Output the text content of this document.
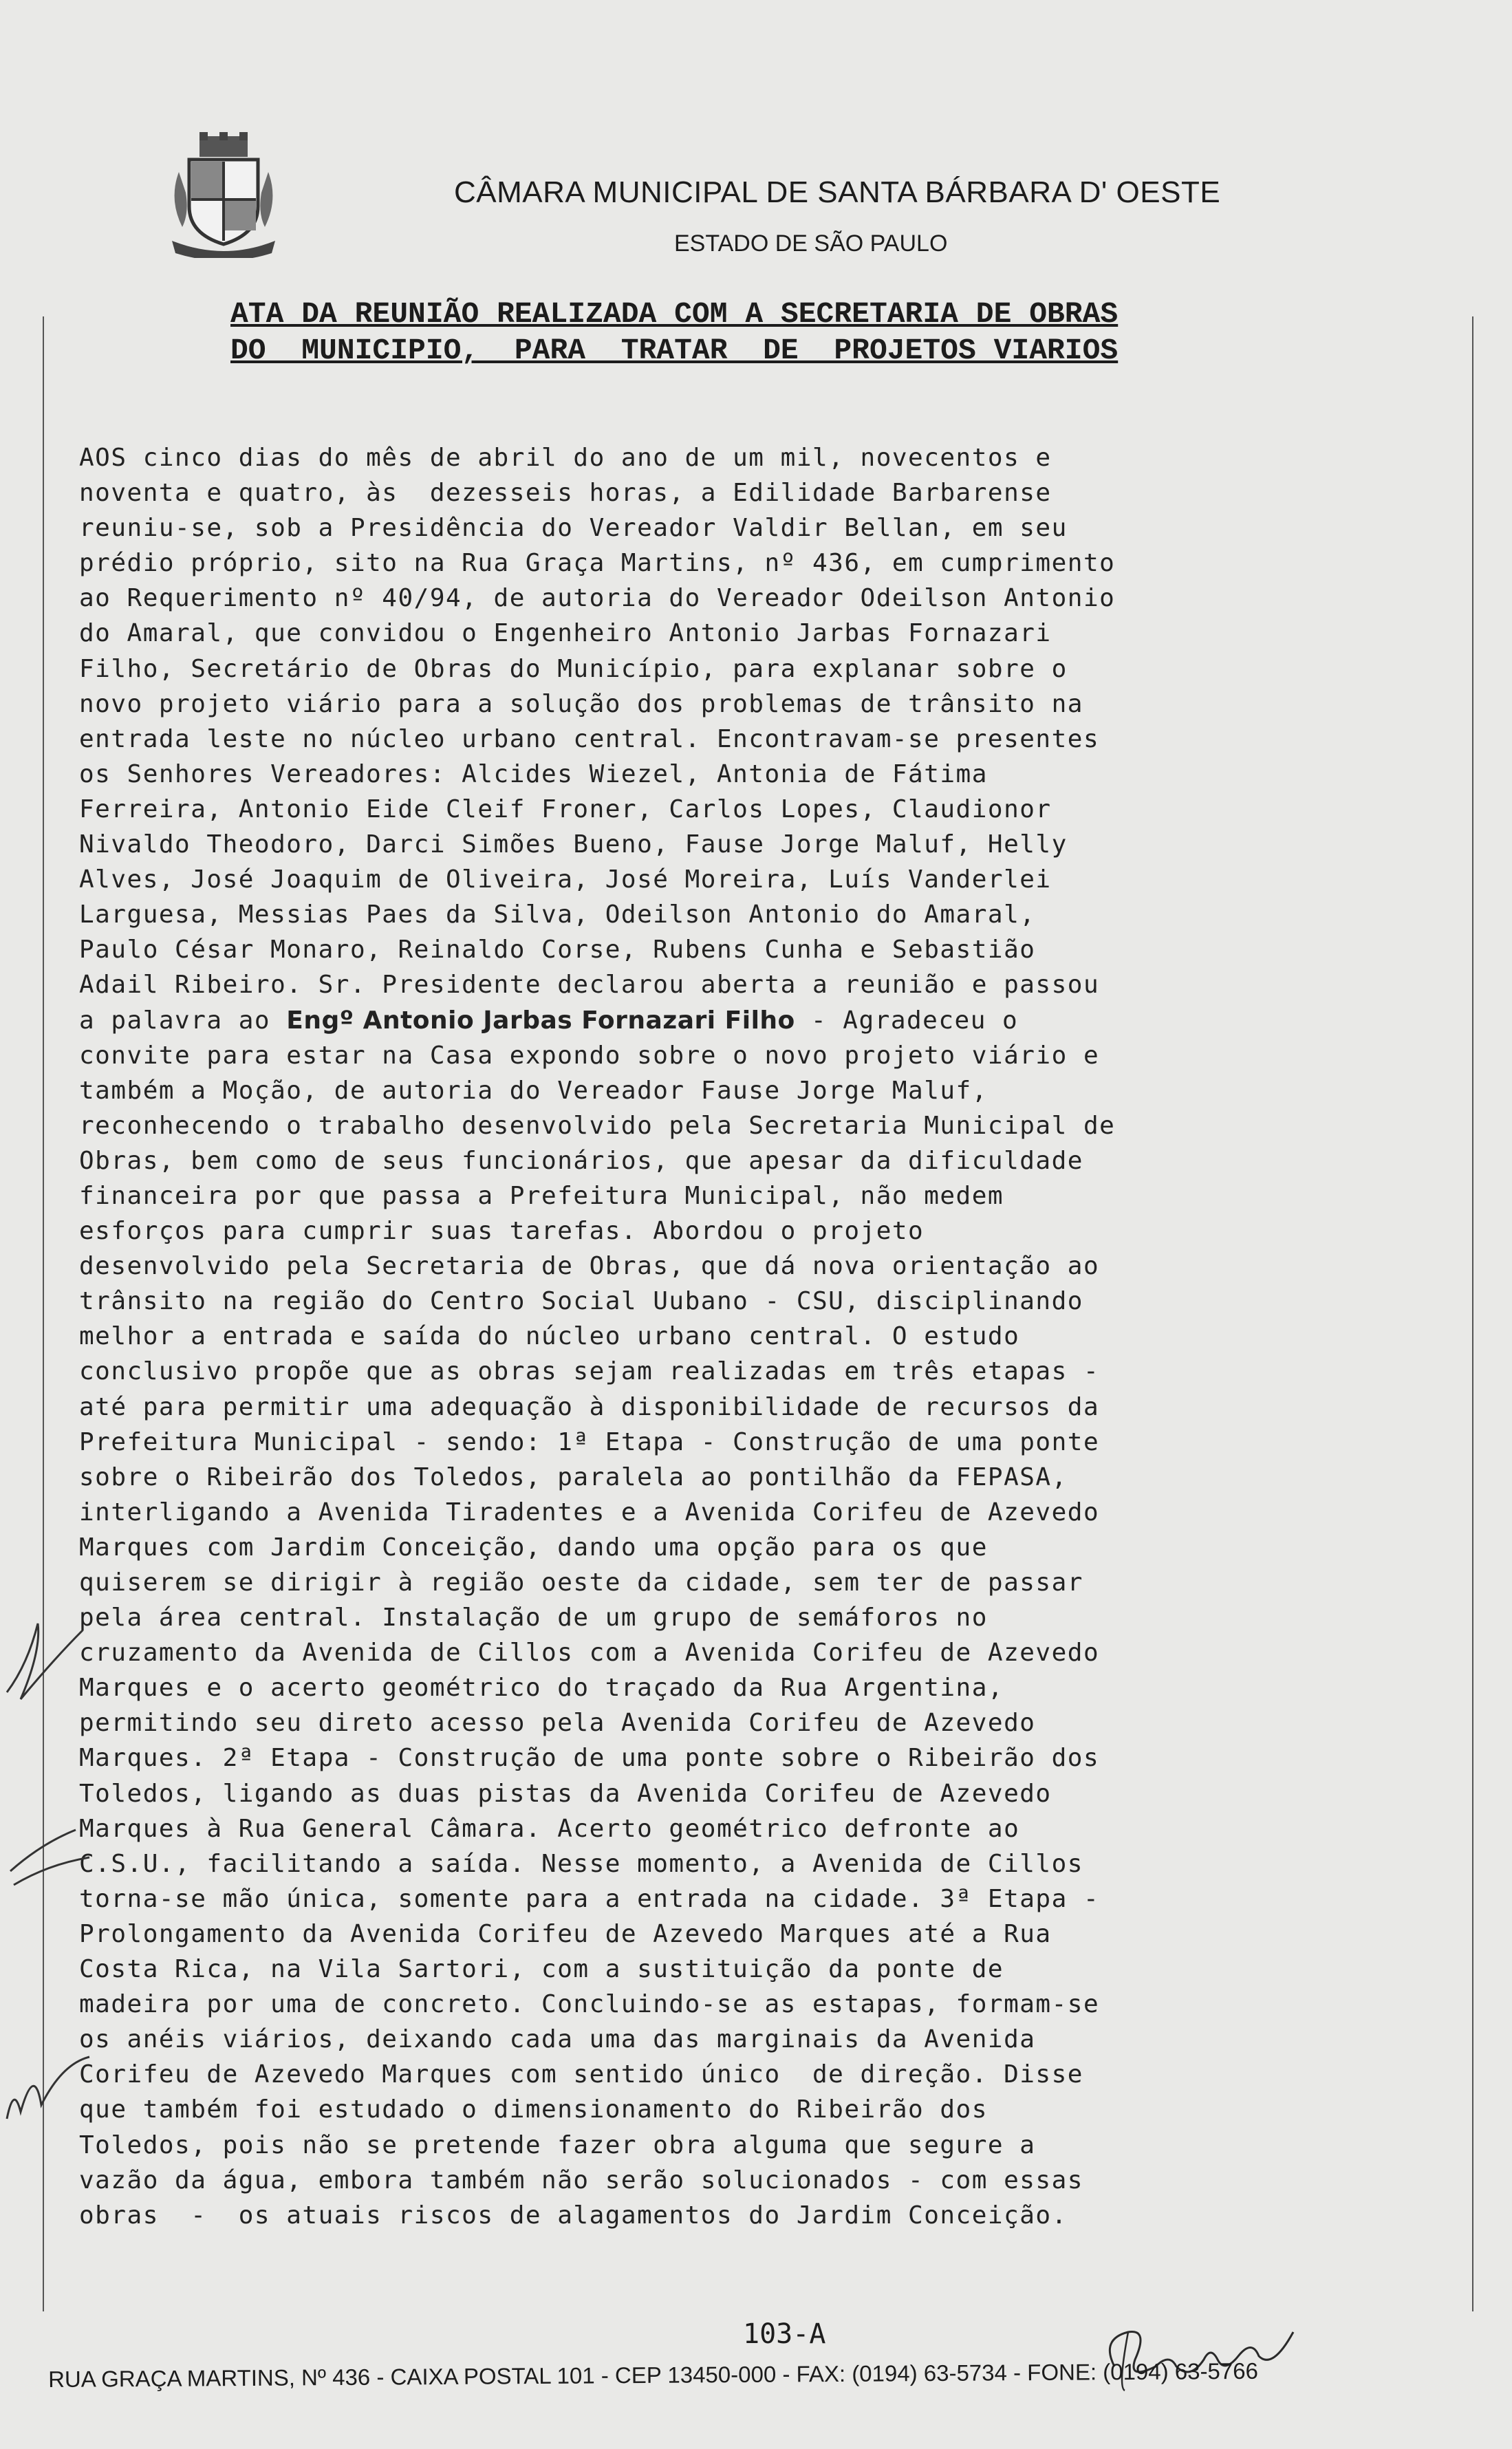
CÂMARA MUNICIPAL DE SANTA BÁRBARA D' OESTE
ESTADO DE SÃO PAULO
ATA DA REUNIÃO REALIZADA COM A SECRETARIA DE OBRAS
DO  MUNICIPIO,  PARA  TRATAR  DE  PROJETOS VIARIOS
AOS cinco dias do mês de abril do ano de um mil, novecentos e
noventa e quatro, às  dezesseis horas, a Edilidade Barbarense
reuniu-se, sob a Presidência do Vereador Valdir Bellan, em seu
prédio próprio, sito na Rua Graça Martins, nº 436, em cumprimento
ao Requerimento nº 40/94, de autoria do Vereador Odeilson Antonio
do Amaral, que convidou o Engenheiro Antonio Jarbas Fornazari
Filho, Secretário de Obras do Município, para explanar sobre o
novo projeto viário para a solução dos problemas de trânsito na
entrada leste no núcleo urbano central. Encontravam-se presentes
os Senhores Vereadores: Alcides Wiezel, Antonia de Fátima
Ferreira, Antonio Eide Cleif Froner, Carlos Lopes, Claudionor
Nivaldo Theodoro, Darci Simões Bueno, Fause Jorge Maluf, Helly
Alves, José Joaquim de Oliveira, José Moreira, Luís Vanderlei
Larguesa, Messias Paes da Silva, Odeilson Antonio do Amaral,
Paulo César Monaro, Reinaldo Corse, Rubens Cunha e Sebastião
Adail Ribeiro. Sr. Presidente declarou aberta a reunião e passou
a palavra ao Engº Antonio Jarbas Fornazari Filho - Agradeceu o
convite para estar na Casa expondo sobre o novo projeto viário e
também a Moção, de autoria do Vereador Fause Jorge Maluf,
reconhecendo o trabalho desenvolvido pela Secretaria Municipal de
Obras, bem como de seus funcionários, que apesar da dificuldade
financeira por que passa a Prefeitura Municipal, não medem
esforços para cumprir suas tarefas. Abordou o projeto
desenvolvido pela Secretaria de Obras, que dá nova orientação ao
trânsito na região do Centro Social Uubano - CSU, disciplinando
melhor a entrada e saída do núcleo urbano central. O estudo
conclusivo propõe que as obras sejam realizadas em três etapas -
até para permitir uma adequação à disponibilidade de recursos da
Prefeitura Municipal - sendo: 1ª Etapa - Construção de uma ponte
sobre o Ribeirão dos Toledos, paralela ao pontilhão da FEPASA,
interligando a Avenida Tiradentes e a Avenida Corifeu de Azevedo
Marques com Jardim Conceição, dando uma opção para os que
quiserem se dirigir à região oeste da cidade, sem ter de passar
pela área central. Instalação de um grupo de semáforos no
cruzamento da Avenida de Cillos com a Avenida Corifeu de Azevedo
Marques e o acerto geométrico do traçado da Rua Argentina,
permitindo seu direto acesso pela Avenida Corifeu de Azevedo
Marques. 2ª Etapa - Construção de uma ponte sobre o Ribeirão dos
Toledos, ligando as duas pistas da Avenida Corifeu de Azevedo
Marques à Rua General Câmara. Acerto geométrico defronte ao
C.S.U., facilitando a saída. Nesse momento, a Avenida de Cillos
torna-se mão única, somente para a entrada na cidade. 3ª Etapa -
Prolongamento da Avenida Corifeu de Azevedo Marques até a Rua
Costa Rica, na Vila Sartori, com a sustituição da ponte de
madeira por uma de concreto. Concluindo-se as estapas, formam-se
os anéis viários, deixando cada uma das marginais da Avenida
Corifeu de Azevedo Marques com sentido único  de direção. Disse
que também foi estudado o dimensionamento do Ribeirão dos
Toledos, pois não se pretende fazer obra alguma que segure a
vazão da água, embora também não serão solucionados - com essas
obras  -  os atuais riscos de alagamentos do Jardim Conceição.
103-A
RUA GRAÇA MARTINS, Nº 436 - CAIXA POSTAL 101 - CEP 13450-000 - FAX: (0194) 63-5734 - FONE: (0194) 63-5766
